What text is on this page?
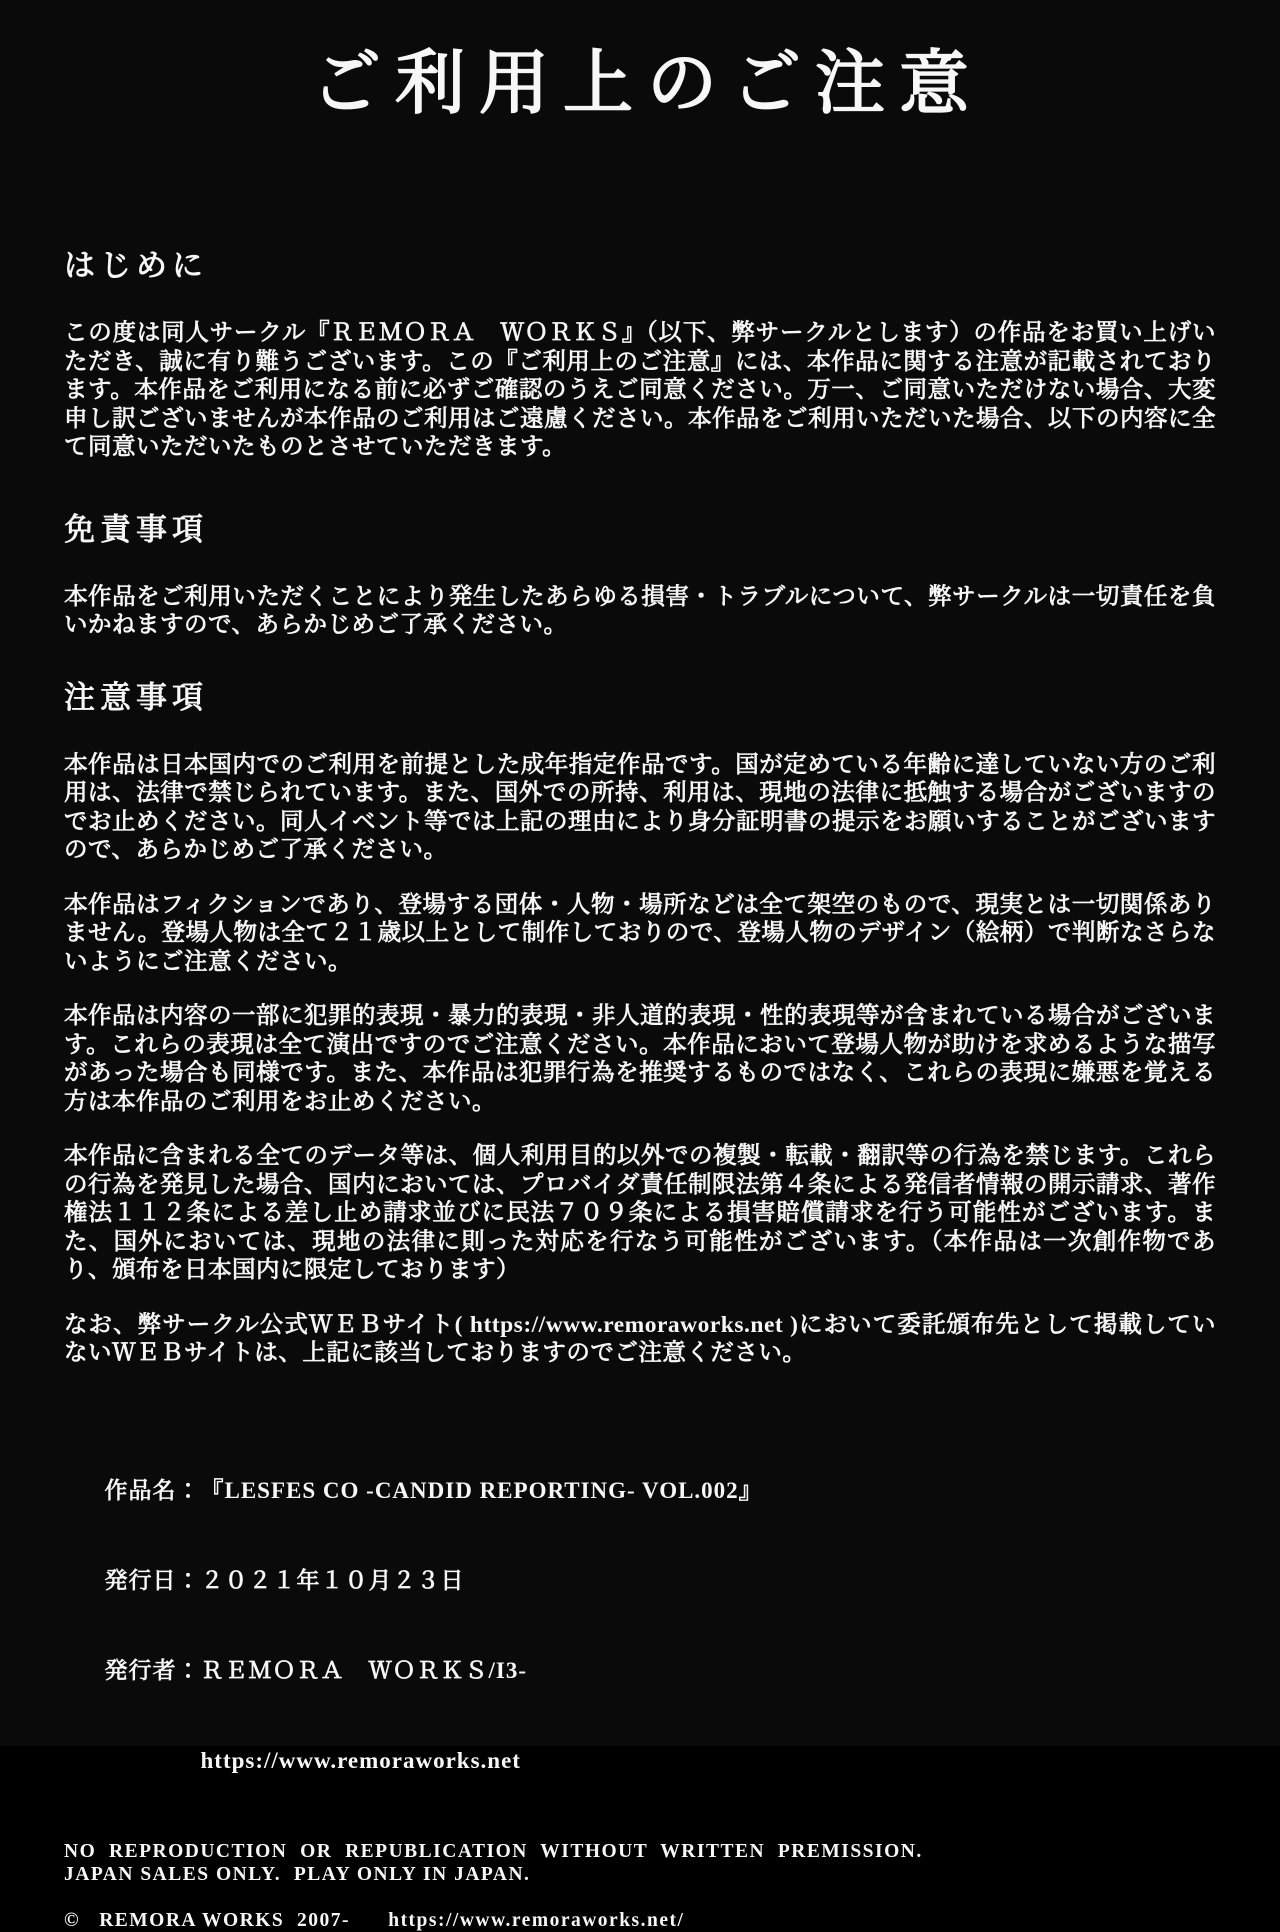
ご利用上のご注意
はじめに

この度は同人サークル『ＲＥＭＯＲＡ　ＷＯＲＫＳ』（以下、弊サークルとします）の作品をお買い上げいただき、誠に有り難うございます。この『ご利用上のご注意』には、本作品に関する注意が記載されております。本作品をご利用になる前に必ずご確認のうえご同意ください。万一、ご同意いただけない場合、大変申し訳ございませんが本作品のご利用はご遠慮ください。本作品をご利用いただいた場合、以下の内容に全て同意いただいたものとさせていただきます。

免責事項

本作品をご利用いただくことにより発生したあらゆる損害・トラブルについて、弊サークルは一切責任を負いかねますので、あらかじめご了承ください。

注意事項

本作品は日本国内でのご利用を前提とした成年指定作品です。国が定めている年齢に達していない方のご利用は、法律で禁じられています。また、国外での所持、利用は、現地の法律に抵触する場合がございますのでお止めください。同人イベント等では上記の理由により身分証明書の提示をお願いすることがございますので、あらかじめご了承ください。

本作品はフィクションであり、登場する団体・人物・場所などは全て架空のもので、現実とは一切関係ありません。登場人物は全て２１歳以上として制作しておりので、登場人物のデザイン（絵柄）で判断なさらないようにご注意ください。

本作品は内容の一部に犯罪的表現・暴力的表現・非人道的表現・性的表現等が含まれている場合がございます。これらの表現は全て演出ですのでご注意ください。本作品において登場人物が助けを求めるような描写があった場合も同様です。また、本作品は犯罪行為を推奨するものではなく、これらの表現に嫌悪を覚える方は本作品のご利用をお止めください。

本作品に含まれる全てのデータ等は、個人利用目的以外での複製・転載・翻訳等の行為を禁じます。これらの行為を発見した場合、国内においては、プロバイダ責任制限法第４条による発信者情報の開示請求、著作権法１１２条による差し止め請求並びに民法７０９条による損害賠償請求を行う可能性がございます。また、国外においては、現地の法律に則った対応を行なう可能性がございます。（本作品は一次創作物であり、頒布を日本国内に限定しております）

なお、弊サークル公式ＷＥＢサイト( https://www.remoraworks.net )において委託頒布先として掲載していないＷＥＢサイトは、上記に該当しておりますのでご注意ください。

作品名：『LESFES CO -CANDID REPORTING- VOL.002』

発行日：２０２１年１０月２３日

発行者：ＲＥＭＯＲＡ　ＷＯＲＫＳ/I3-

https://www.remoraworks.net

NO  REPRODUCTION  OR  REPUBLICATION  WITHOUT  WRITTEN  PREMISSION.
JAPAN SALES ONLY.  PLAY ONLY IN JAPAN.
©   REMORA WORKS  2007-      https://www.remoraworks.net/
